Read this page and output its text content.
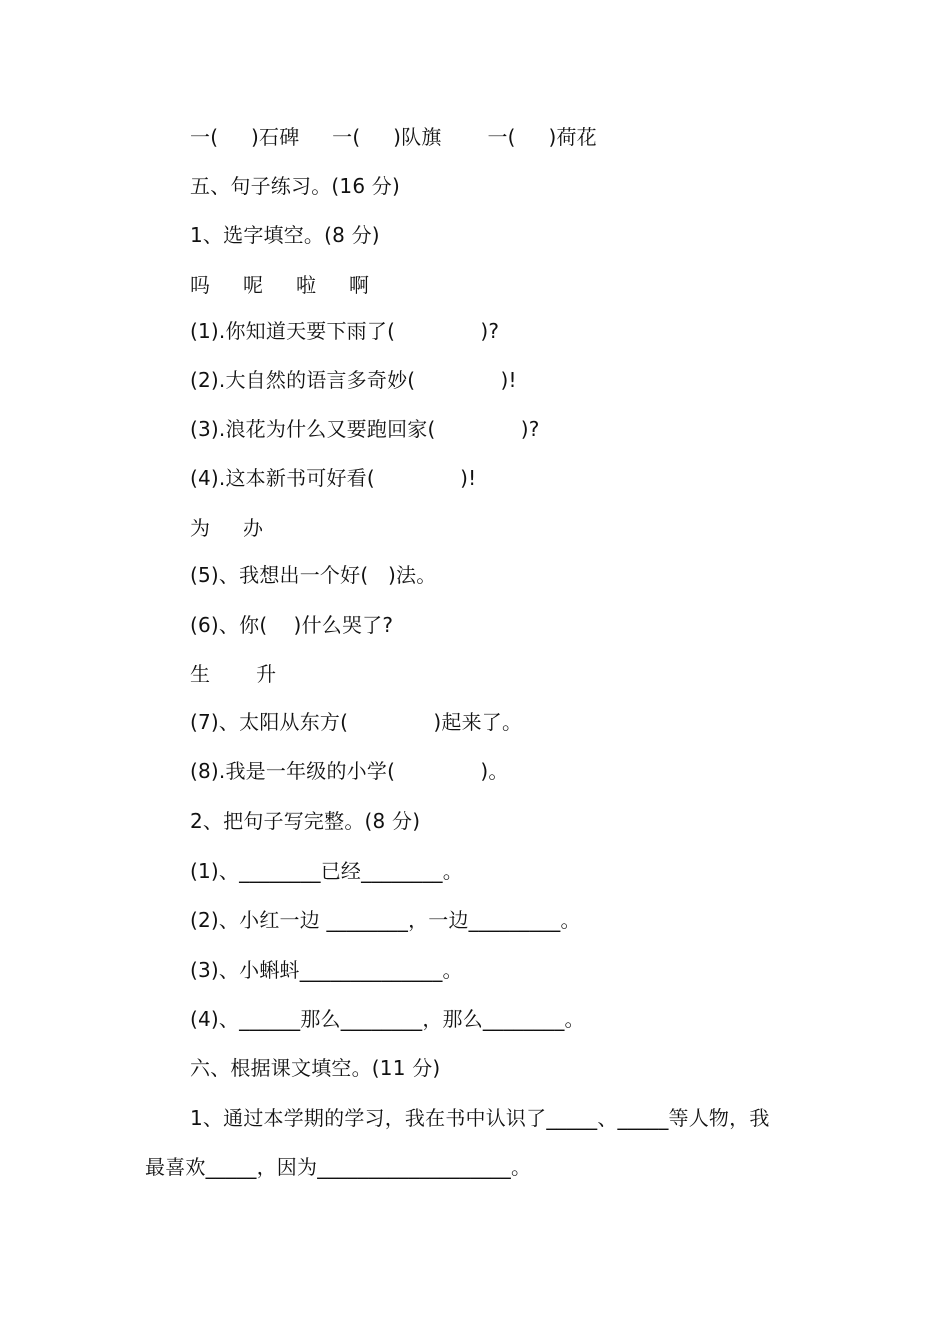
一(     )石碑     一(     )队旗       一(     )荷花
五、句子练习。(16 分)
1、选字填空。(8 分)
吗     呢     啦     啊
(1).你知道天要下雨了(             )?
(2).大自然的语言多奇妙(             )!
(3).浪花为什么又要跑回家(             )?
(4).这本新书可好看(             )!
为     办
(5)、我想出一个好(   )法。
(6)、你(    )什么哭了?
生       升
(7)、太阳从东方(             )起来了。
(8).我是一年级的小学(             )。
2、把句子写完整。(8 分)
(1)、________已经________。
(2)、小红一边 ________，一边_________。
(3)、小蝌蚪______________。
(4)、______那么________，那么________。
六、根据课文填空。(11 分)
1、通过本学期的学习，我在书中认识了_____、_____等人物，我
最喜欢_____，因为___________________。
